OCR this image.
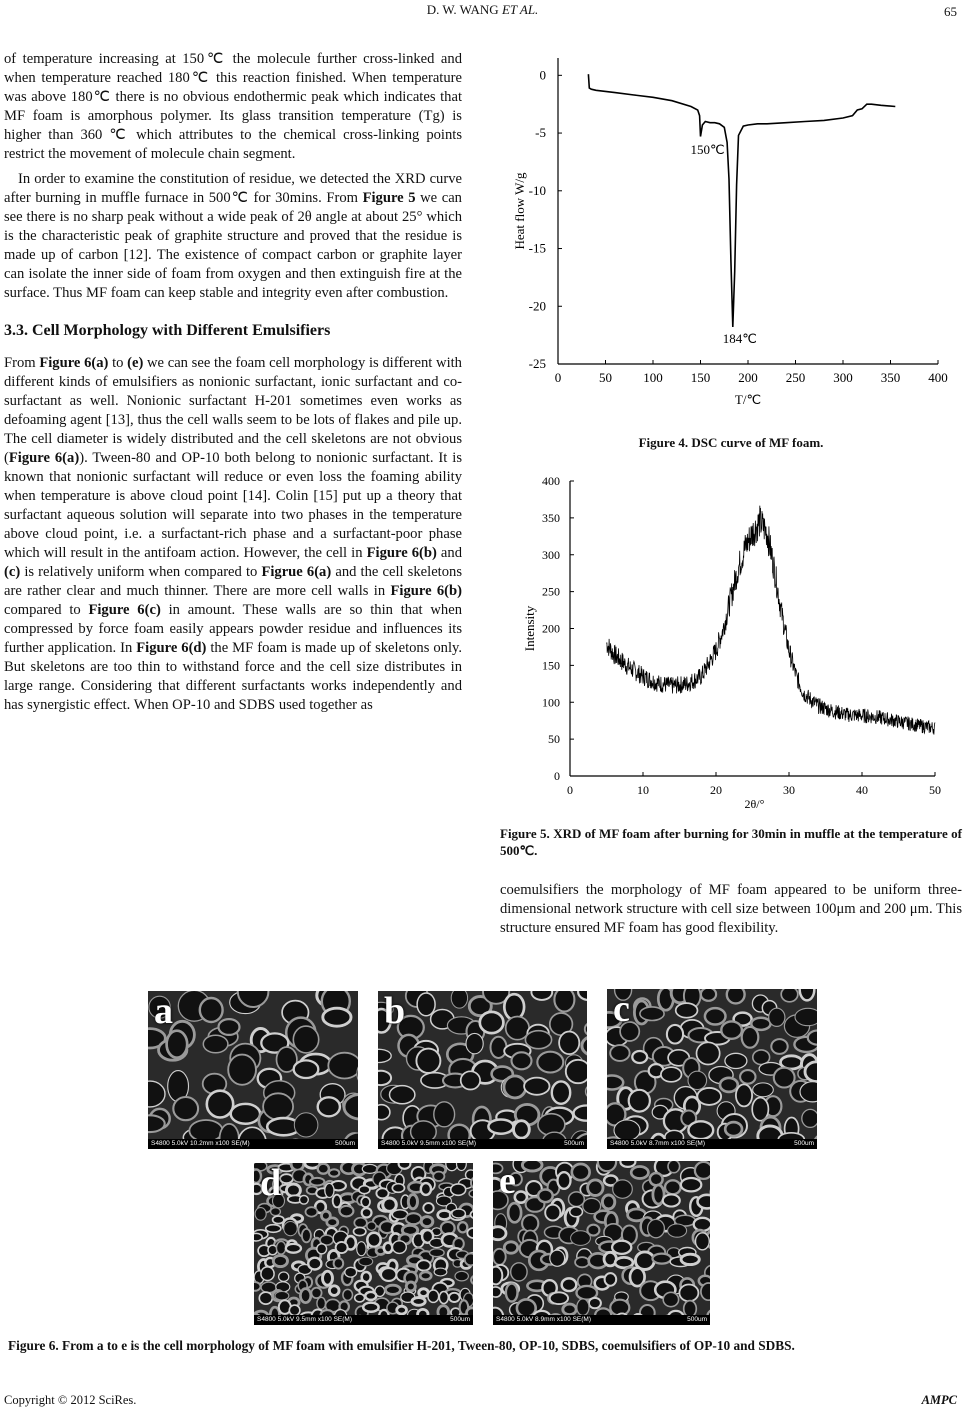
D. W. WANG ET AL.	65

of temperature increasing at 150℃ the molecule further cross-linked and when temperature reached 180℃ this reaction finished. When temperature was above 180℃ there is no obvious endothermic peak which indicates that MF foam is amorphous polymer. Its glass transition temperature (Tg) is higher than 360 ℃ which attributes to the chemical cross-linking points restrict the movement of molecule chain segment.

In order to examine the constitution of residue, we detected the XRD curve after burning in muffle furnace in 500℃ for 30mins. From Figure 5 we can see there is no sharp peak without a wide peak of 2θ angle at about 25° which is the characteristic peak of graphite structure and proved that the residue is made up of carbon [12]. The existence of compact carbon or graphite layer can isolate the inner side of foam from oxygen and then extinguish fire at the surface. Thus MF foam can keep stable and integrity even after combustion.

3.3. Cell Morphology with Different Emulsifiers

From Figure 6(a) to (e) we can see the foam cell morphology is different with different kinds of emulsifiers as nonionic surfactant, ionic surfactant and co-surfactant as well. Nonionic surfactant H-201 sometimes even works as defoaming agent [13], thus the cell walls seem to be lots of flakes and pile up. The cell diameter is widely distributed and the cell skeletons are not obvious (Figure 6(a)). Tween-80 and OP-10 both belong to nonionic surfactant. It is known that nonionic surfactant will reduce or even loss the foaming ability when temperature is above cloud point [14]. Colin [15] put up a theory that surfactant aqueous solution will separate into two phases in the temperature above cloud point, i.e. a surfactant-rich phase and a surfactant-poor phase which will result in the antifoam action. However, the cell in Figure 6(b) and (c) is relatively uniform when compared to Figrue 6(a) and the cell skeletons are rather clear and much thinner. There are more cell walls in Figure 6(b) compared to Figure 6(c) in amount. These walls are so thin that when compressed by force foam easily appears powder residue and influences its further application. In Figure 6(d) the MF foam is made up of skeletons only. But skeletons are too thin to withstand force and the cell size distributes in large range. Considering that different surfactants works independently and has synergistic effect. When OP-10 and SDBS used together as

0	50 100 150 200 250 300 350 400
0
-5
-10
-15
-20
-25
T/℃
Heat flow W/g
150℃
184℃
Figure 4. DSC curve of MF foam.
0	10	20	30	40	50
0
50
100
150
200
250
300
350
400
2θ/°
Intensity
Figure 5. XRD of MF foam after burning for 30min in muffle at the temperature of 500℃.

coemulsifiers the morphology of MF foam appeared to be uniform three-dimensional network structure with cell size between 100μm and 200 μm. This structure ensured MF foam has good flexibility.

a
S4800 5.0kV 10.2mm x100 SE(M)	500um
b
S4800 5.0kV 9.5mm x100 SE(M)	500um
c
S4800 5.0kV 8.7mm x100 SE(M)	500um
d
S4800 5.0kV 9.5mm x100 SE(M)	500um
e
S4800 5.0kV 8.9mm x100 SE(M)	500um
Figure 6. From a to e is the cell morphology of MF foam with emulsifier H-201, Tween-80, OP-10, SDBS, coemulsifiers of OP-10 and SDBS.
Copyright © 2012 SciRes.	AMPC
